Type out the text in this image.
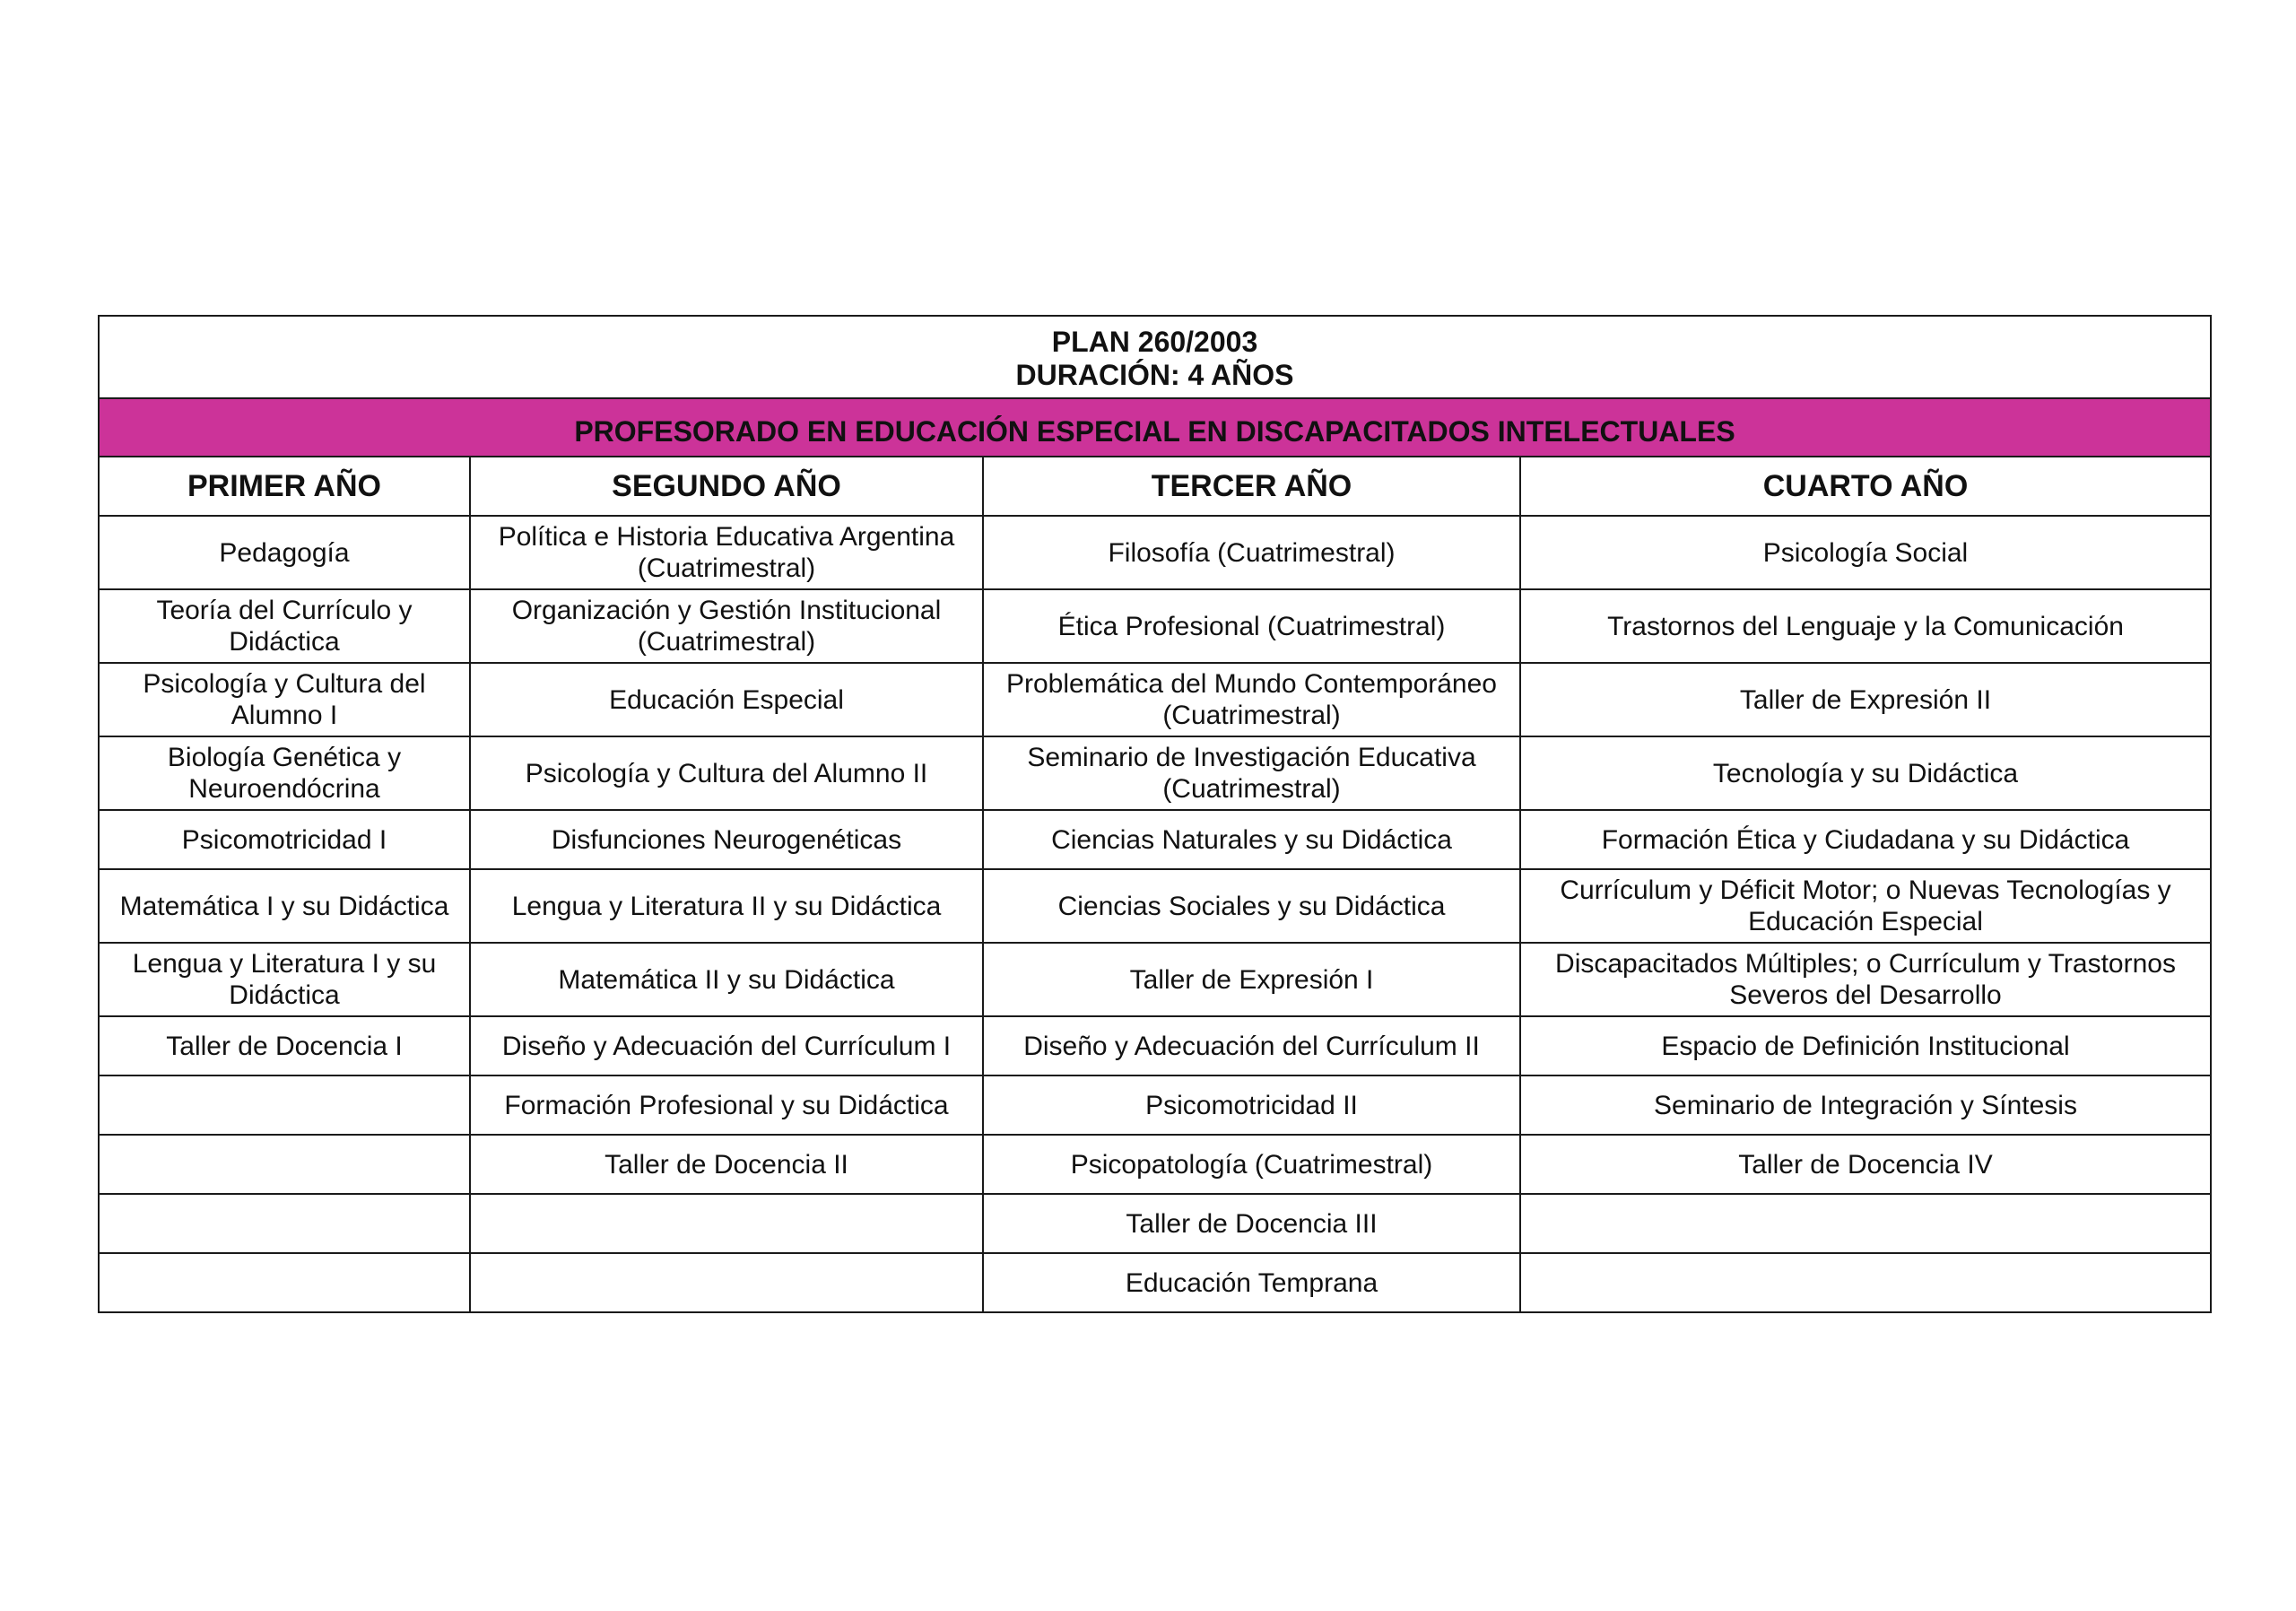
PLAN 260/2003
DURACIÓN: 4 AÑOS			

PROFESORADO EN EDUCACIÓN ESPECIAL EN DISCAPACITADOS INTELECTUALES			
PRIMER AÑO	SEGUNDO AÑO	TERCER AÑO	CUARTO AÑO
Pedagogía	Política e Historia Educativa Argentina (Cuatrimestral)	Filosofía (Cuatrimestral)	Psicología Social
Teoría del Currículo y Didáctica	Organización y Gestión Institucional (Cuatrimestral)	Ética Profesional (Cuatrimestral)	Trastornos del Lenguaje y la Comunicación
Psicología y Cultura del Alumno I	Educación Especial	Problemática del Mundo Contemporáneo (Cuatrimestral)	Taller de Expresión II
Biología Genética y Neuroendócrina	Psicología y Cultura del Alumno II	Seminario de Investigación Educativa (Cuatrimestral)	Tecnología y su Didáctica
Psicomotricidad I	Disfunciones Neurogenéticas	Ciencias Naturales y su Didáctica	Formación Ética y Ciudadana y su Didáctica
Matemática I y su Didáctica	Lengua y Literatura II y su Didáctica	Ciencias Sociales y su Didáctica	Currículum y Déficit Motor; o Nuevas Tecnologías y Educación Especial
Lengua y Literatura I y su Didáctica	Matemática II y su Didáctica	Taller de Expresión I	Discapacitados Múltiples; o Currículum y Trastornos Severos del Desarrollo
Taller de Docencia I	Diseño y Adecuación del Currículum I	Diseño y Adecuación del Currículum II	Espacio de Definición Institucional
	Formación Profesional y su Didáctica	Psicomotricidad II	Seminario de Integración y Síntesis
	Taller de Docencia II	Psicopatología (Cuatrimestral)	Taller de Docencia IV
		Taller de Docencia III	
		Educación Temprana	
